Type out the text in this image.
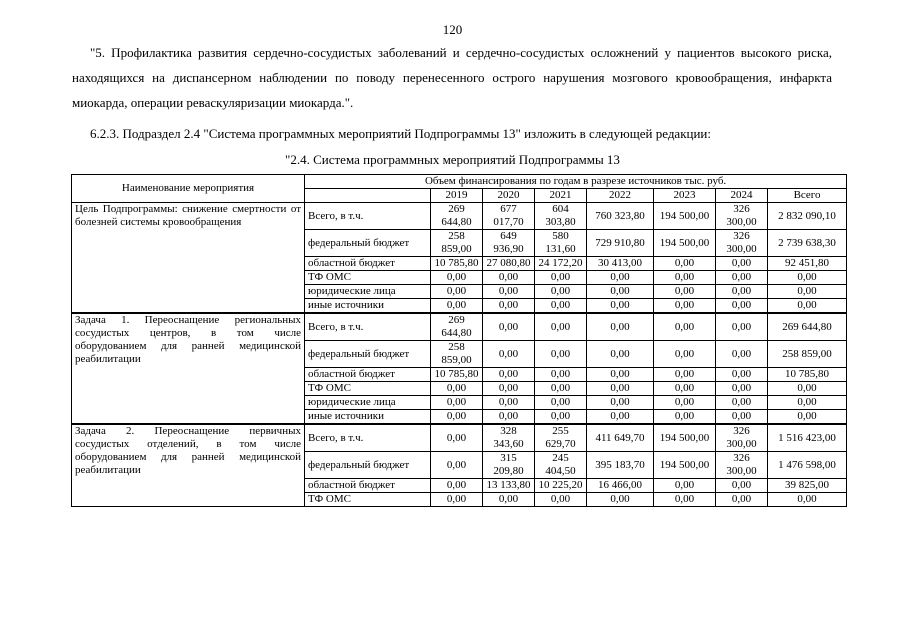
120
"5. Профилактика развития сердечно-сосудистых заболеваний и сердечно-сосудистых осложнений у пациентов высокого риска, находящихся на диспансерном наблюдении по поводу перенесенного острого нарушения мозгового кровообращения, инфаркта миокарда, операции реваскуляризации миокарда.".
6.2.3. Подраздел 2.4 "Система программных мероприятий Подпрограммы 13" изложить в следующей редакции:
"2.4. Система программных мероприятий Подпрограммы 13
Наименование мероприятия	Объем финансирования по годам в разрезе источников тыс. руб.							
		2019	2020	2021	2022	2023	2024	Всего
Цель Подпрограммы: снижение смертности от болезней системы кровообращения	Всего, в т.ч.	269 644,80	677 017,70	604 303,80	760 323,80	194 500,00	326 300,00	2 832 090,10
	федеральный бюджет	258 859,00	649 936,90	580 131,60	729 910,80	194 500,00	326 300,00	2 739 638,30
	областной бюджет	10 785,80	27 080,80	24 172,20	30 413,00	0,00	0,00	92 451,80
	ТФ ОМС	0,00	0,00	0,00	0,00	0,00	0,00	0,00
	юридические лица	0,00	0,00	0,00	0,00	0,00	0,00	0,00
	иные источники	0,00	0,00	0,00	0,00	0,00	0,00	0,00
Задача 1. Переоснащение региональных сосудистых центров, в том числе оборудованием для ранней медицинской реабилитации	Всего, в т.ч.	269 644,80	0,00	0,00	0,00	0,00	0,00	269 644,80
	федеральный бюджет	258 859,00	0,00	0,00	0,00	0,00	0,00	258 859,00
	областной бюджет	10 785,80	0,00	0,00	0,00	0,00	0,00	10 785,80
	ТФ ОМС	0,00	0,00	0,00	0,00	0,00	0,00	0,00
	юридические лица	0,00	0,00	0,00	0,00	0,00	0,00	0,00
	иные источники	0,00	0,00	0,00	0,00	0,00	0,00	0,00
Задача 2. Переоснащение первичных сосудистых отделений, в том числе оборудованием для ранней медицинской реабилитации	Всего, в т.ч.	0,00	328 343,60	255 629,70	411 649,70	194 500,00	326 300,00	1 516 423,00
	федеральный бюджет	0,00	315 209,80	245 404,50	395 183,70	194 500,00	326 300,00	1 476 598,00
	областной бюджет	0,00	13 133,80	10 225,20	16 466,00	0,00	0,00	39 825,00
	ТФ ОМС	0,00	0,00	0,00	0,00	0,00	0,00	0,00
